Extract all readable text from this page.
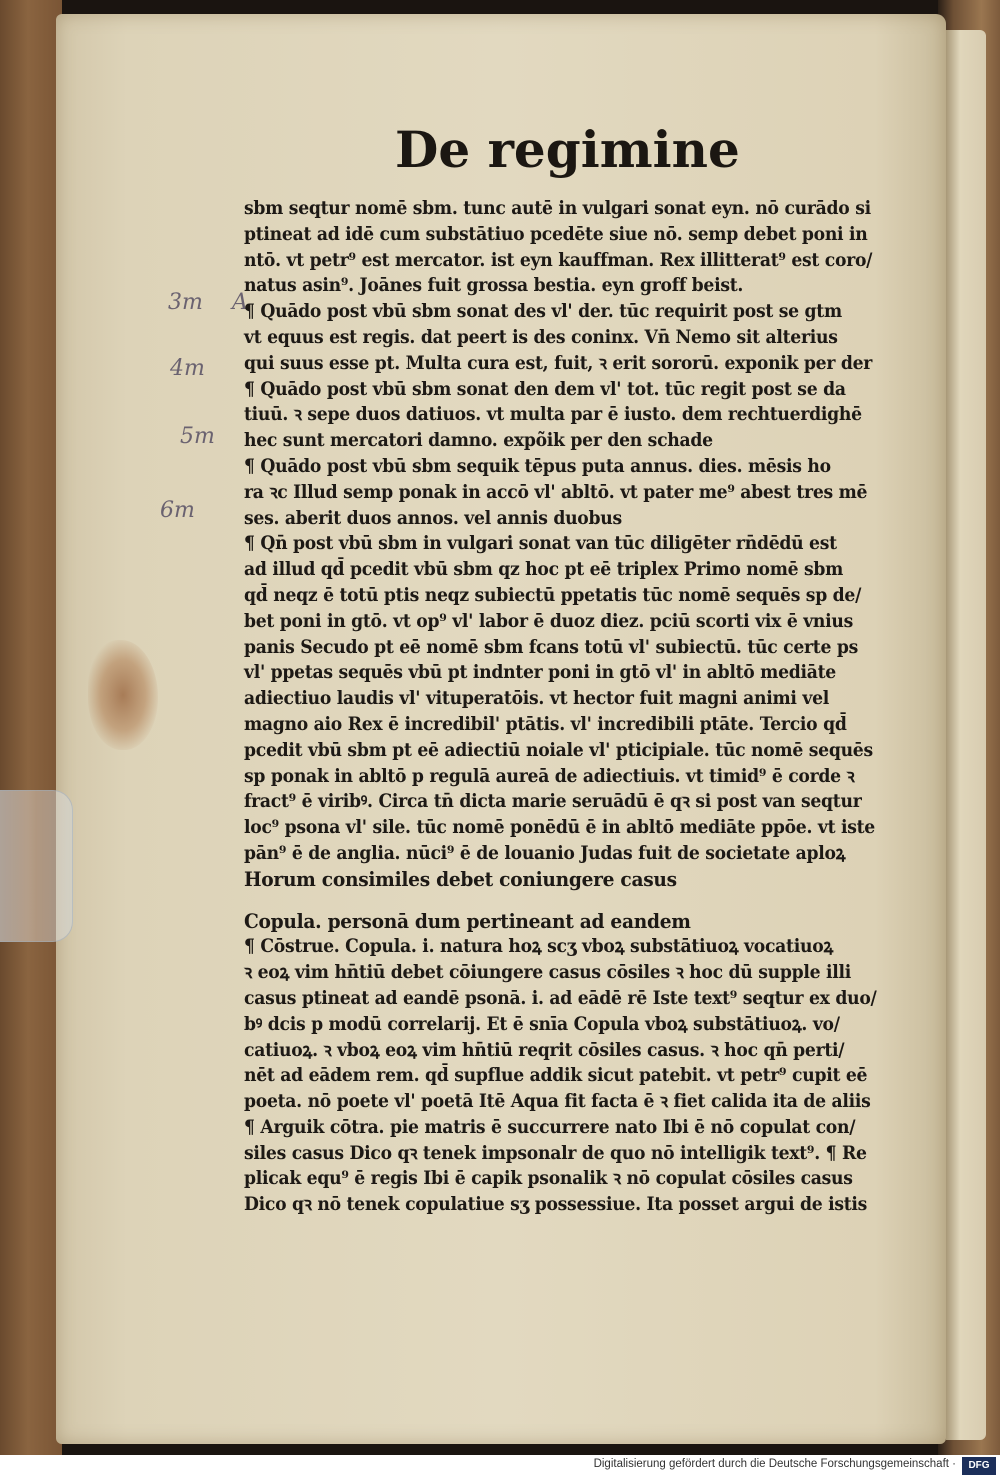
3m A
4m
5m
6m
De regimine
sbm seqtur nomē sbm. tunc autē in vulgari sonat eyn. nō curādo si
ptineat ad idē cum substātiuo pcedēte siue nō. semp debet poni in
ntō. vt petr⁹ est mercator. ist eyn kauffman. Rex illitterat⁹ est coro/
natus asin⁹. Joānes fuit grossa bestia. eyn groff beist.
¶ Quādo post vbū sbm sonat des vl' der. tūc requirit post se gtm
vt equus est regis. dat peert is des coninx. Vn̄ Nemo sit alterius
qui suus esse pt. Multa cura est, fuit, ꝛ erit sororū. exponik per der
¶ Quādo post vbū sbm sonat den dem vl' tot. tūc regit post se da
tiuū. ꝛ sepe duos datiuos. vt multa par ē iusto. dem rechtuerdighē
hec sunt mercatori damno. expõik per den schade
¶ Quādo post vbū sbm sequik tēpus puta annus. dies. mēsis ho
ra ꝛc Illud semp ponak in accō vl' abltō. vt pater me⁹ abest tres mē
ses. aberit duos annos. vel annis duobus
¶ Qn̄ post vbū sbm in vulgari sonat van tūc diligēter rn̄dēdū est
ad illud qd̄ pcedit vbū sbm qz hoc pt eē triplex Primo nomē sbm
qd̄ neqz ē totū ptis neqz subiectū ppetatis tūc nomē sequēs sp de/
bet poni in gtō. vt op⁹ vl' labor ē duoz diez. pciū scorti vix ē vnius
panis Secudo pt eē nomē sbm fcans totū vl' subiectū. tūc certe ps
vl' ppetas sequēs vbū pt indnter poni in gtō vl' in abltō mediāte
adiectiuo laudis vl' vituperatōis. vt hector fuit magni animi vel
magno aio Rex ē incredibil' ptātis. vl' incredibili ptāte. Tercio qd̄
pcedit vbū sbm pt eē adiectiū noiale vl' pticipiale. tūc nomē sequēs
sp ponak in abltō p regulā aureā de adiectiuis. vt timid⁹ ē corde ꝛ
fract⁹ ē viribꝰ. Circa tn̄ dicta marie seruādū ē qꝛ si post van seqtur
loc⁹ psona vl' sile. tūc nomē ponēdū ē in abltō mediāte ppōe. vt iste
pān⁹ ē de anglia. nūci⁹ ē de louanio Judas fuit de societate aploꝝ
Horum consimiles debet coniungere casus
Copula. personā dum pertineant ad eandem
¶ Cōstrue. Copula. i. natura hoꝝ scʒ vboꝝ substātiuoꝝ vocatiuoꝝ
ꝛ eoꝝ vim hn̄tiū debet cōiungere casus cōsiles ꝛ hoc dū supple illi
casus ptineat ad eandē psonā. i. ad eādē rē Iste text⁹ seqtur ex duo/
bꝰ dcis p modū correlarij. Et ē snīa Copula vboꝝ substātiuoꝝ. vo/
catiuoꝝ. ꝛ vboꝝ eoꝝ vim hn̄tiū reqrit cōsiles casus. ꝛ hoc qn̄ perti/
nēt ad eādem rem. qd̄ supflue addik sicut patebit. vt petr⁹ cupit eē
poeta. nō poete vl' poetā Itē Aqua fit facta ē ꝛ fiet calida ita de aliis
¶ Arguik cōtra. pie matris ē succurrere nato Ibi ē nō copulat con/
siles casus Dico qꝛ tenek impsonalr de quo nō intelligik text⁹. ¶ Re
plicak equ⁹ ē regis Ibi ē capik psonalik ꝛ nō copulat cōsiles casus
Dico qꝛ nō tenek copulatiue sʒ possessiue. Ita posset argui de istis
Digitalisierung gefördert durch die Deutsche Forschungsgemeinschaft ·	DFG
